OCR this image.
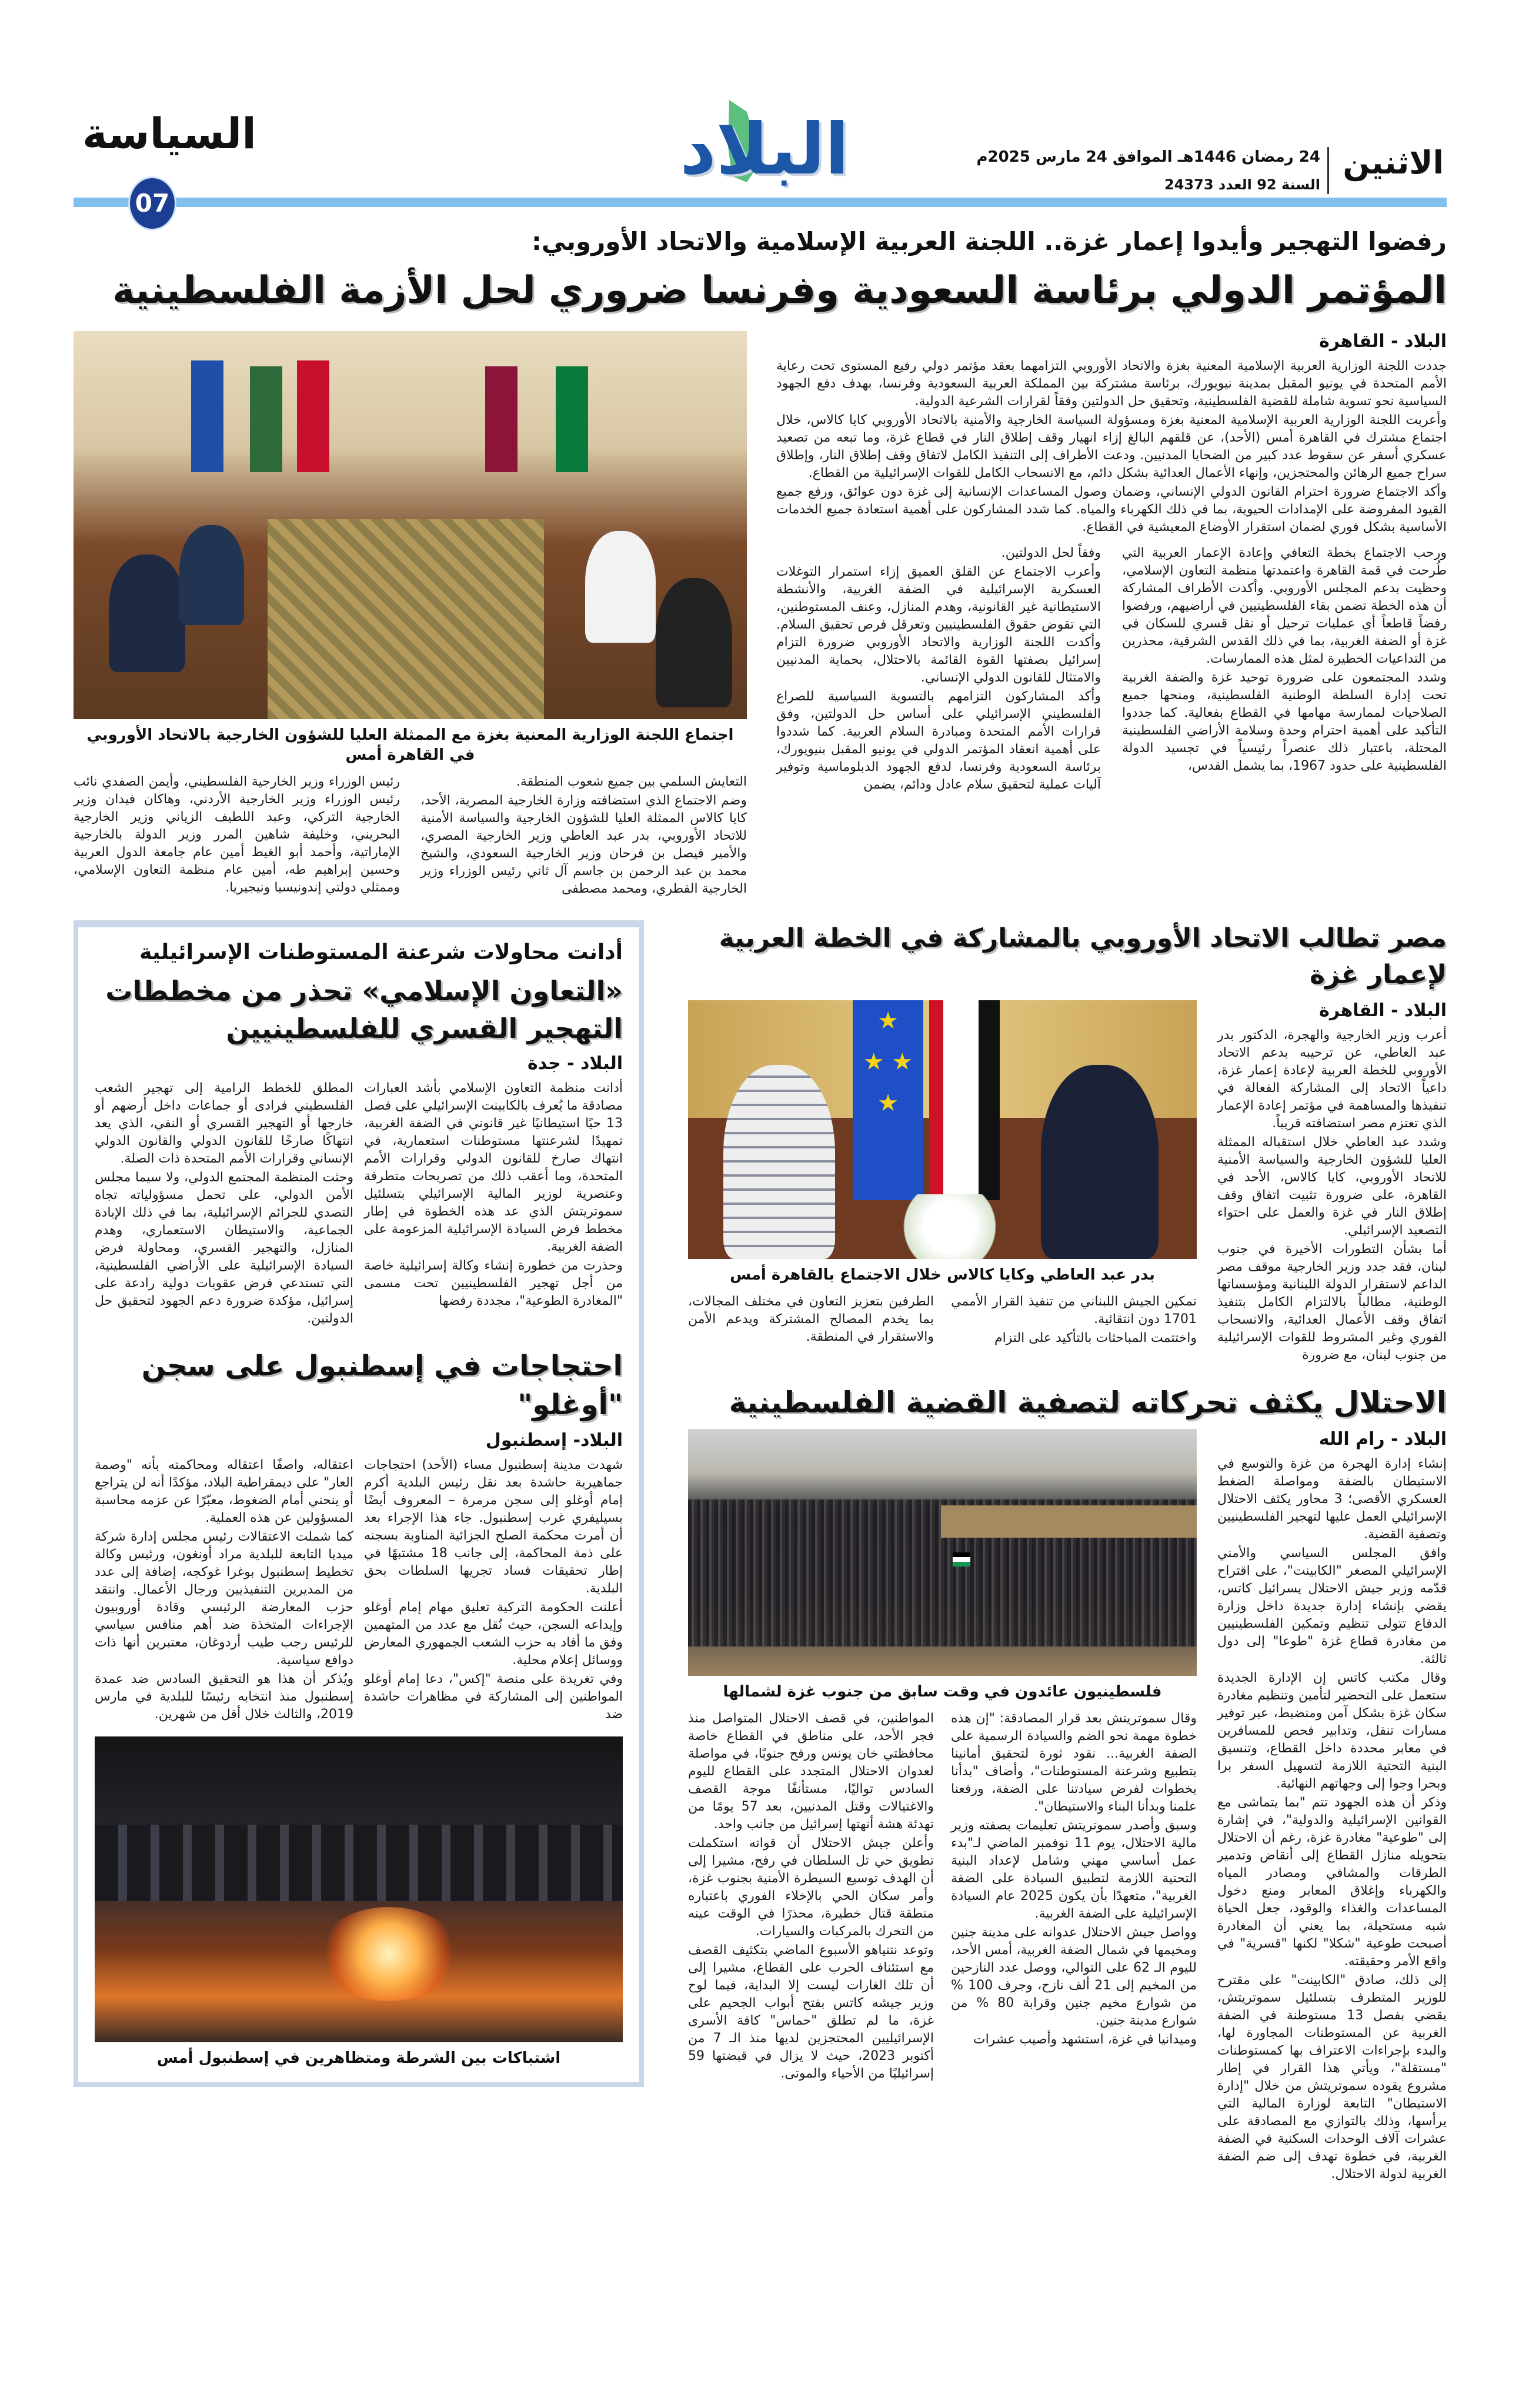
الاثنين
24 رمضان 1446هـ الموافق 24 مارس 2025م
السنة 92 العدد 24373
البلاد
السياسة
07
رفضوا التهجير وأيدوا إعمار غزة.. اللجنة العربية الإسلامية والاتحاد الأوروبي:
المؤتمر الدولي برئاسة السعودية وفرنسا ضروري لحل الأزمة الفلسطينية
البلاد - القاهرة

جددت اللجنة الوزارية العربية الإسلامية المعنية بغزة والاتحاد الأوروبي التزامهما بعقد مؤتمر دولي رفيع المستوى تحت رعاية الأمم المتحدة في يونيو المقبل بمدينة نيويورك، برئاسة مشتركة بين المملكة العربية السعودية وفرنسا، بهدف دفع الجهود السياسية نحو تسوية شاملة للقضية الفلسطينية، وتحقيق حل الدولتين وفقاً لقرارات الشرعية الدولية.

وأعربت اللجنة الوزارية العربية الإسلامية المعنية بغزة ومسؤولة السياسة الخارجية والأمنية بالاتحاد الأوروبي كايا كالاس، خلال اجتماع مشترك في القاهرة أمس (الأحد)، عن قلقهم البالغ إزاء انهيار وقف إطلاق النار في قطاع غزة، وما تبعه من تصعيد عسكري أسفر عن سقوط عدد كبير من الضحايا المدنيين. ودعت الأطراف إلى التنفيذ الكامل لاتفاق وقف إطلاق النار، وإطلاق سراح جميع الرهائن والمحتجزين، وإنهاء الأعمال العدائية بشكل دائم، مع الانسحاب الكامل للقوات الإسرائيلية من القطاع.

وأكد الاجتماع ضرورة احترام القانون الدولي الإنساني، وضمان وصول المساعدات الإنسانية إلى غزة دون عوائق، ورفع جميع القيود المفروضة على الإمدادات الحيوية، بما في ذلك الكهرباء والمياه. كما شدد المشاركون على أهمية استعادة جميع الخدمات الأساسية بشكل فوري لضمان استقرار الأوضاع المعيشية في القطاع.

ورحب الاجتماع بخطة التعافي وإعادة الإعمار العربية التي طُرحت في قمة القاهرة واعتمدتها منظمة التعاون الإسلامي، وحظيت بدعم المجلس الأوروبي. وأكدت الأطراف المشاركة أن هذه الخطة تضمن بقاء الفلسطينيين في أراضيهم، ورفضوا رفضاً قاطعاً أي عمليات ترحيل أو نقل قسري للسكان في غزة أو الضفة الغربية، بما في ذلك القدس الشرقية، محذرين من التداعيات الخطيرة لمثل هذه الممارسات.

وشدد المجتمعون على ضرورة توحيد غزة والضفة الغربية تحت إدارة السلطة الوطنية الفلسطينية، ومنحها جميع الصلاحيات لممارسة مهامها في القطاع بفعالية. كما جددوا التأكيد على أهمية احترام وحدة وسلامة الأراضي الفلسطينية المحتلة، باعتبار ذلك عنصراً رئيسياً في تجسيد الدولة الفلسطينية على حدود 1967، بما يشمل القدس،

وفقاً لحل الدولتين.

وأعرب الاجتماع عن القلق العميق إزاء استمرار التوغلات العسكرية الإسرائيلية في الضفة الغربية، والأنشطة الاستيطانية غير القانونية، وهدم المنازل، وعنف المستوطنين، التي تقوض حقوق الفلسطينيين وتعرقل فرص تحقيق السلام. وأكدت اللجنة الوزارية والاتحاد الأوروبي ضرورة التزام إسرائيل بصفتها القوة القائمة بالاحتلال، بحماية المدنيين والامتثال للقانون الدولي الإنساني.

وأكد المشاركون التزامهم بالتسوية السياسية للصراع الفلسطيني الإسرائيلي على أساس حل الدولتين، وفق قرارات الأمم المتحدة ومبادرة السلام العربية. كما شددوا على أهمية انعقاد المؤتمر الدولي في يونيو المقبل بنيويورك، برئاسة السعودية وفرنسا، لدفع الجهود الدبلوماسية وتوفير آليات عملية لتحقيق سلام عادل ودائم، يضمن

اجتماع اللجنة الوزارية المعنية بغزة مع الممثلة العليا للشؤون الخارجية بالاتحاد الأوروبي في القاهرة أمس

التعايش السلمي بين جميع شعوب المنطقة.

وضم الاجتماع الذي استضافته وزارة الخارجية المصرية، الأحد، كايا كالاس الممثلة العليا للشؤون الخارجية والسياسة الأمنية للاتحاد الأوروبي، بدر عبد العاطي وزير الخارجية المصري، والأمير فيصل بن فرحان وزير الخارجية السعودي، والشيخ محمد بن عبد الرحمن بن جاسم آل ثاني رئيس الوزراء وزير الخارجية القطري، ومحمد مصطفى

رئيس الوزراء وزير الخارجية الفلسطيني، وأيمن الصفدي نائب رئيس الوزراء وزير الخارجية الأردني، وهاكان فيدان وزير الخارجية التركي، وعبد اللطيف الزياني وزير الخارجية البحريني، وخليفة شاهين المرر وزير الدولة بالخارجية الإماراتية، وأحمد أبو الغيط أمين عام جامعة الدول العربية وحسين إبراهيم طه، أمين عام منظمة التعاون الإسلامي، وممثلي دولتي إندونيسيا ونيجيريا.

مصر تطالب الاتحاد الأوروبي بالمشاركة في الخطة العربية لإعمار غزة
البلاد - القاهرة

أعرب وزير الخارجية والهجرة، الدكتور بدر عبد العاطي، عن ترحيبه بدعم الاتحاد الأوروبي للخطة العربية لإعادة إعمار غزة، داعياً الاتحاد إلى المشاركة الفعالة في تنفيذها والمساهمة في مؤتمر إعادة الإعمار الذي تعتزم مصر استضافته قريباً.

وشدد عبد العاطي خلال استقباله الممثلة العليا للشؤون الخارجية والسياسة الأمنية للاتحاد الأوروبي، كايا كالاس، الأحد في القاهرة، على ضرورة تثبيت اتفاق وقف إطلاق النار في غزة والعمل على احتواء التصعيد الإسرائيلي.

أما بشأن التطورات الأخيرة في جنوب لبنان، فقد جدد وزير الخارجية موقف مصر الداعم لاستقرار الدولة اللبنانية ومؤسساتها الوطنية، مطالباً بالالتزام الكامل بتنفيذ اتفاق وقف الأعمال العدائية، والانسحاب الفوري وغير المشروط للقوات الإسرائيلية من جنوب لبنان، مع ضرورة

★
★ ★
★
بدر عبد العاطي وكايا كالاس خلال الاجتماع بالقاهرة أمس

تمكين الجيش اللبناني من تنفيذ القرار الأممي 1701 دون انتقائية.

واختتمت المباحثات بالتأكيد على التزام

الطرفين بتعزيز التعاون في مختلف المجالات، بما يخدم المصالح المشتركة ويدعم الأمن والاستقرار في المنطقة.

الاحتلال يكثف تحركاته لتصفية القضية الفلسطينية
البلاد - رام الله

إنشاء إدارة الهجرة من غزة والتوسع في الاستيطان بالضفة ومواصلة الضغط العسكري الأقصى؛ 3 محاور يكثف الاحتلال الإسرائيلي العمل عليها لتهجير الفلسطينيين وتصفية القضية.

وافق المجلس السياسي والأمني الإسرائيلي المصغر "الكابينت"، على اقتراح قدّمه وزير جيش الاحتلال يسرائيل كاتس، يقضي بإنشاء إدارة جديدة داخل وزارة الدفاع تتولى تنظيم وتمكين الفلسطينيين من مغادرة قطاع غزة "طوعا" إلى دول ثالثة.

وقال مكتب كاتس إن الإدارة الجديدة ستعمل على التحضير لتأمين وتنظيم مغادرة سكان غزة بشكل آمن ومنضبط، عبر توفير مسارات تنقل، وتدابير فحص للمسافرين في معابر محددة داخل القطاع، وتنسيق البنية التحتية اللازمة لتسهيل السفر برا وبحرا وجوا إلى وجهاتهم النهائية.

وذكر أن هذه الجهود تتم "بما يتماشى مع القوانين الإسرائيلية والدولية"، في إشارة إلى "طوعية" مغادرة غزة، رغم أن الاحتلال بتحويله منازل القطاع إلى أنقاض وتدمير الطرقات والمشافي ومصادر المياه والكهرباء وإغلاق المعابر ومنع دخول المساعدات والغذاء والوقود، جعل الحياة شبه مستحيلة، بما يعني أن المغادرة أصبحت طوعية "شكلا" لكنها "قسرية" في واقع الأمر وحقيقته.

إلى ذلك، صادق "الكابينت" على مقترح للوزير المتطرف بتسلئيل سموتريتش، يقضي بفصل 13 مستوطنة في الضفة الغربية عن المستوطنات المجاورة لها، والبدء بإجراءات الاعتراف بها كمستوطنات "مستقلة"، ويأتي هذا القرار في إطار مشروع يقوده سموتريتش من خلال "إدارة الاستيطان" التابعة لوزارة المالية التي يرأسها، وذلك بالتوازي مع المصادقة على عشرات آلاف الوحدات السكنية في الضفة الغربية، في خطوة تهدف إلى ضم الضفة الغربية لدولة الاحتلال.

فلسطينيون عائدون في وقت سابق من جنوب غزة لشمالها

وقال سموتريتش بعد قرار المصادقة: "إن هذه خطوة مهمة نحو الضم والسيادة الرسمية على الضفة الغربية... نقود ثورة لتحقيق أمانينا بتطبيع وشرعنة المستوطنات"، وأضاف "بدأنا بخطوات لفرض سيادتنا على الضفة، ورفعنا علمنا وبدأنا البناء والاستيطان".

وسبق وأصدر سموتريتش تعليمات بصفته وزير مالية الاحتلال، يوم 11 نوفمبر الماضي لـ"بدء عمل أساسي مهني وشامل لإعداد البنية التحتية اللازمة لتطبيق السيادة على الضفة الغربية"، متعهدًا بأن يكون 2025 عام السيادة الإسرائيلية على الضفة الغربية.

وواصل جيش الاحتلال عدوانه على مدينة جنين ومخيمها في شمال الضفة الغربية، أمس الأحد، لليوم الـ 62 على التوالي، ووصل عدد النازحين من المخيم إلى 21 ألف نازح، وجرف 100 % من شوارع مخيم جنين وقرابة 80 % من شوارع مدينة جنين.

وميدانيا في غزة، استشهد وأصيب عشرات

المواطنين، في قصف الاحتلال المتواصل منذ فجر الأحد، على مناطق في القطاع خاصة محافظتي خان يونس ورفح جنوبًا، في مواصلة لعدوان الاحتلال المتجدد على القطاع لليوم السادس تواليًا، مستأنفًا موجة القصف والاغتيالات وقتل المدنيين، بعد 57 يومًا من تهدئة هشة أنهتها إسرائيل من جانب واحد.

وأعلن جيش الاحتلال أن قواته استكملت تطويق حي تل السلطان في رفح، مشيرا إلى أن الهدف توسيع السيطرة الأمنية بجنوب غزة، وأمر سكان الحي بالإخلاء الفوري باعتباره منطقة قتال خطيرة، محذرًا في الوقت عينه من التحرك بالمركبات والسيارات.

وتوعد نتنياهو الأسبوع الماضي بتكثيف القصف مع استئناف الحرب على القطاع، مشيرا إلى أن تلك الغارات ليست إلا البداية، فيما لوح وزير جيشه كاتس بفتح أبواب الجحيم على غزة، ما لم تطلق "حماس" كافة الأسرى الإسرائيليين المحتجزين لديها منذ الـ 7 من أكتوبر 2023، حيث لا يزال في قبضتها 59 إسرائيليًا من الأحياء والموتى.

أدانت محاولات شرعنة المستوطنات الإسرائيلية
«التعاون الإسلامي» تحذر من مخططات
التهجير القسري للفلسطينيين
البلاد - جدة

أدانت منظمة التعاون الإسلامي بأشد العبارات مصادقة ما يُعرف بالكابينت الإسرائيلي على فصل 13 حيًا استيطانيًا غير قانوني في الضفة الغربية، تمهيدًا لشرعنتها مستوطنات استعمارية، في انتهاك صارخ للقانون الدولي وقرارات الأمم المتحدة، وما أعقب ذلك من تصريحات متطرفة وعنصرية لوزير المالية الإسرائيلي بتسلئيل سموتريتش الذي عد هذه الخطوة في إطار مخطط فرض السيادة الإسرائيلية المزعومة على الضفة الغربية.

وحذرت من خطورة إنشاء وكالة إسرائيلية خاصة من أجل تهجير الفلسطينيين تحت مسمى "المغادرة الطوعية"، مجددة رفضها

المطلق للخطط الرامية إلى تهجير الشعب الفلسطيني فرادى أو جماعات داخل أرضهم أو خارجها أو التهجير القسري أو النفي، الذي يعد انتهاكًا صارخًا للقانون الدولي والقانون الدولي الإنساني وقرارات الأمم المتحدة ذات الصلة.

وحثت المنظمة المجتمع الدولي، ولا سيما مجلس الأمن الدولي، على تحمل مسؤولياته تجاه التصدي للجرائم الإسرائيلية، بما في ذلك الإبادة الجماعية، والاستيطان الاستعماري، وهدم المنازل، والتهجير القسري، ومحاولة فرض السيادة الإسرائيلية على الأراضي الفلسطينية، التي تستدعي فرض عقوبات دولية رادعة على إسرائيل، مؤكدة ضرورة دعم الجهود لتحقيق حل الدولتين.

احتجاجات في إسطنبول على سجن "أوغلو"
البلاد- إسطنبول

شهدت مدينة إسطنبول مساء (الأحد) احتجاجات جماهيرية حاشدة بعد نقل رئيس البلدية أكرم إمام أوغلو إلى سجن مرمرة – المعروف أيضًا بسيليفري غرب إسطنبول. جاء هذا الإجراء بعد أن أمرت محكمة الصلح الجزائية المناوبة بسجنه على ذمة المحاكمة، إلى جانب 18 مشتبهًا في إطار تحقيقات فساد تجريها السلطات بحق البلدية.

أعلنت الحكومة التركية تعليق مهام إمام أوغلو وإيداعه السجن، حيث نُقل مع عدد من المتهمين وفق ما أفاد به حزب الشعب الجمهوري المعارض ووسائل إعلام محلية.

وفي تغريدة على منصة "إكس"، دعا إمام أوغلو المواطنين إلى المشاركة في مظاهرات حاشدة ضد

اعتقاله، واصفًا اعتقاله ومحاكمته بأنه "وصمة العار" على ديمقراطية البلاد، مؤكدًا أنه لن يتراجع أو ينحني أمام الضغوط، معبّرًا عن عزمه محاسبة المسؤولين عن هذه العملية.

كما شملت الاعتقالات رئيس مجلس إدارة شركة ميديا التابعة للبلدية مراد أونغون، ورئيس وكالة تخطيط إسطنبول بوغرا غوكجه، إضافة إلى عدد من المديرين التنفيذيين ورجال الأعمال. وانتقد حزب المعارضة الرئيسي وقادة أوروبيون الإجراءات المتخذة ضد أهم منافس سياسي للرئيس رجب طيب أردوغان، معتبرين أنها ذات دوافع سياسية.

ويُذكر أن هذا هو التحقيق السادس ضد عمدة إسطنبول منذ انتخابه رئيسًا للبلدية في مارس 2019، والثالث خلال أقل من شهرين.

اشتباكات بين الشرطة ومتظاهرين في إسطنبول أمس
